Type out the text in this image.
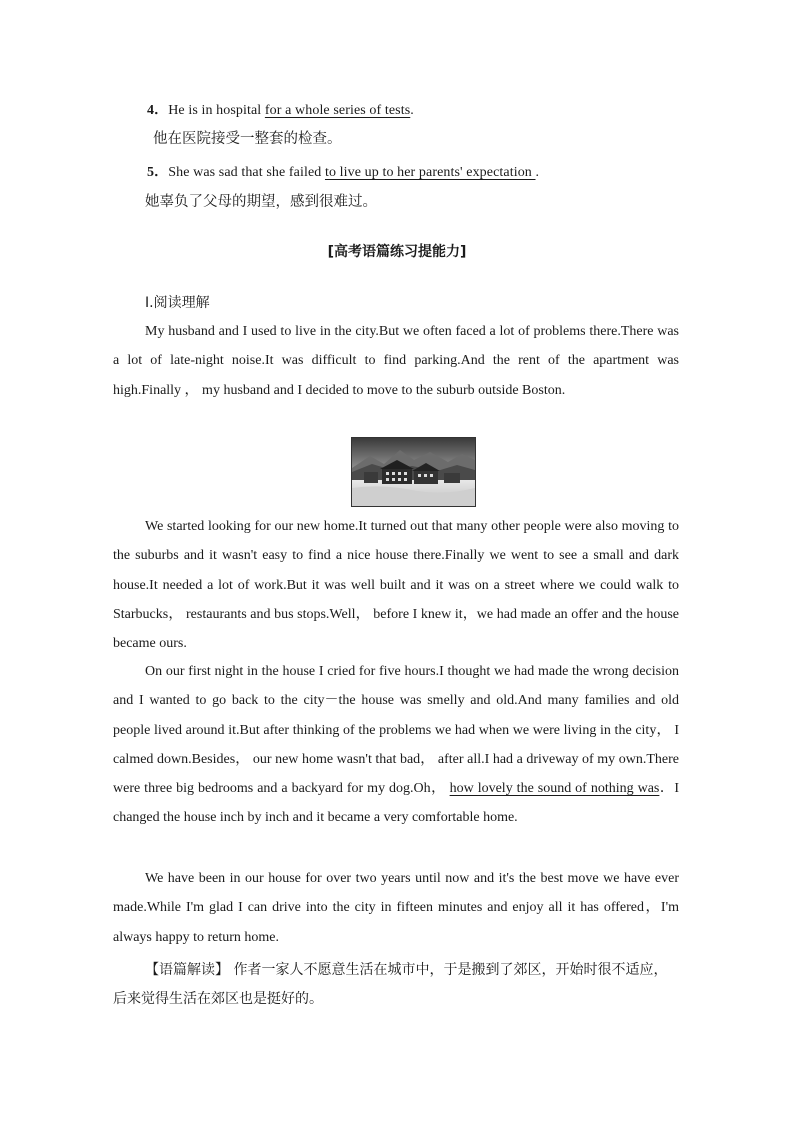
4．He is in hospital for a whole series of tests.
他在医院接受一整套的检查。
5．She was sad that she failed to live up to her parents' expectation .
她辜负了父母的期望，感到很难过。
[高考语篇练习提能力]
Ⅰ.阅读理解
My husband and I used to live in the city.But we often faced a lot of problems there.There was a lot of late-night noise.It was difficult to find parking.And the rent of the apartment was high.Finally ， my husband and I decided to move to the suburb outside Boston.
We started looking for our new home.It turned out that many other people were also moving to the suburbs and it wasn't easy to find a nice house there.Finally we went to see a small and dark house.It needed a lot of work.But it was well built and it was on a street where we could walk to Starbucks， restaurants and bus stops.Well， before I knew it，we had made an offer and the house became ours.
On our first night in the house I cried for five hours.I thought we had made the wrong decision and I wanted to go back to the city－the house was smelly and old.And many families and old people lived around it.But after thinking of the problems we had when we were living in the city， I calmed down.Besides， our new home wasn't that bad， after all.I had a driveway of my own.There were three big bedrooms and a backyard for my dog.Oh， how lovely the sound of nothing was．I changed the house inch by inch and it became a very comfortable home.
We have been in our house for over two years until now and it's the best move we have ever made.While I'm glad I can drive into the city in fifteen minutes and enjoy all it has offered，I'm always happy to return home.
【语篇解读】 作者一家人不愿意生活在城市中，于是搬到了郊区，开始时很不适应，后来觉得生活在郊区也是挺好的。
